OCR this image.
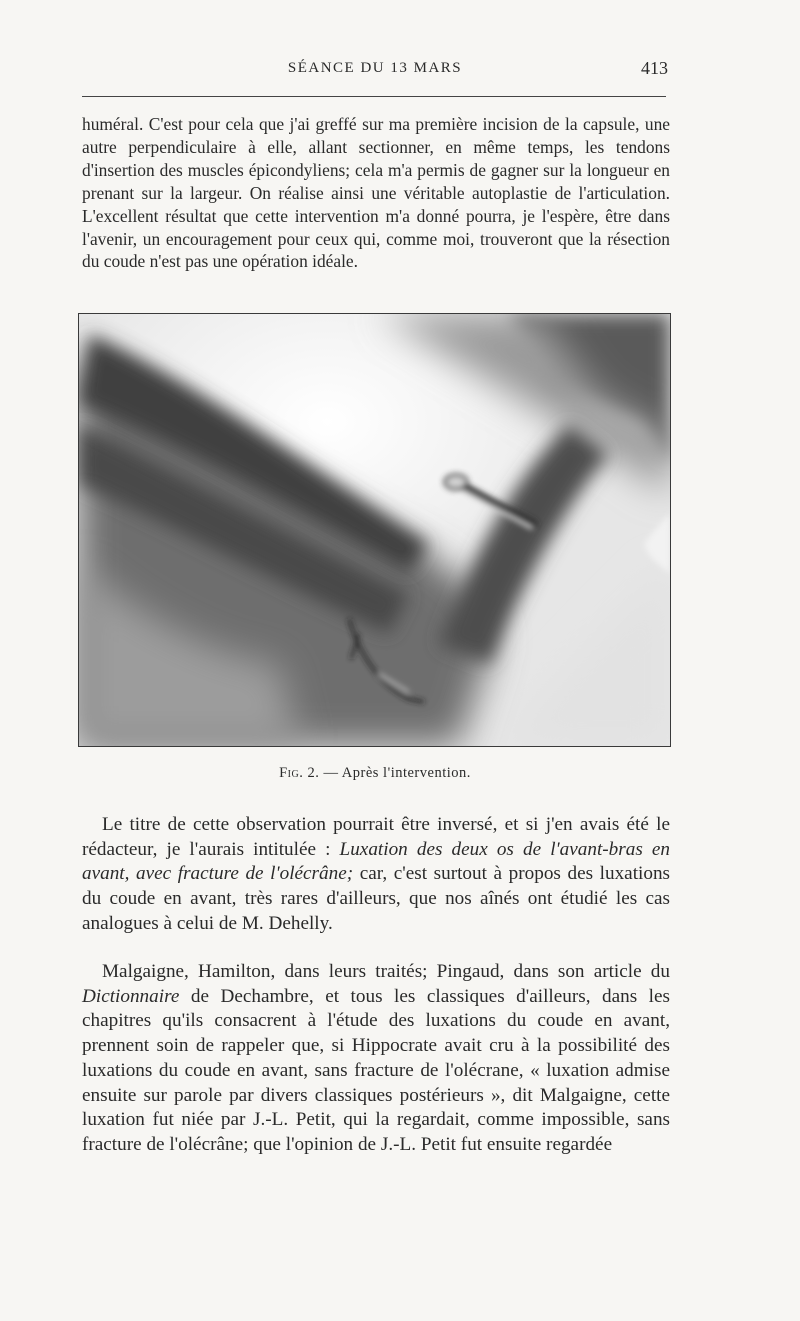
SÉANCE DU 13 MARS	413
huméral. C'est pour cela que j'ai greffé sur ma première incision de la capsule, une autre perpendiculaire à elle, allant sectionner, en même temps, les tendons d'insertion des muscles épicondyliens; cela m'a permis de gagner sur la longueur en prenant sur la largeur. On réalise ainsi une véritable autoplastie de l'articulation. L'excellent résultat que cette intervention m'a donné pourra, je l'espère, être dans l'avenir, un encouragement pour ceux qui, comme moi, trouveront que la résection du coude n'est pas une opération idéale.
Fig. 2. — Après l'intervention.

Le titre de cette observation pourrait être inversé, et si j'en avais été le rédacteur, je l'aurais intitulée : Luxation des deux os de l'avant-bras en avant, avec fracture de l'olécrâne; car, c'est surtout à propos des luxations du coude en avant, très rares d'ailleurs, que nos aînés ont étudié les cas analogues à celui de M. Dehelly.

Malgaigne, Hamilton, dans leurs traités; Pingaud, dans son article du Dictionnaire de Dechambre, et tous les classiques d'ailleurs, dans les chapitres qu'ils consacrent à l'étude des luxations du coude en avant, prennent soin de rappeler que, si Hippocrate avait cru à la possibilité des luxations du coude en avant, sans fracture de l'olécrane, « luxation admise ensuite sur parole par divers classiques postérieurs », dit Malgaigne, cette luxation fut niée par J.-L. Petit, qui la regardait, comme impossible, sans fracture de l'olécrâne; que l'opinion de J.-L. Petit fut ensuite regardée
